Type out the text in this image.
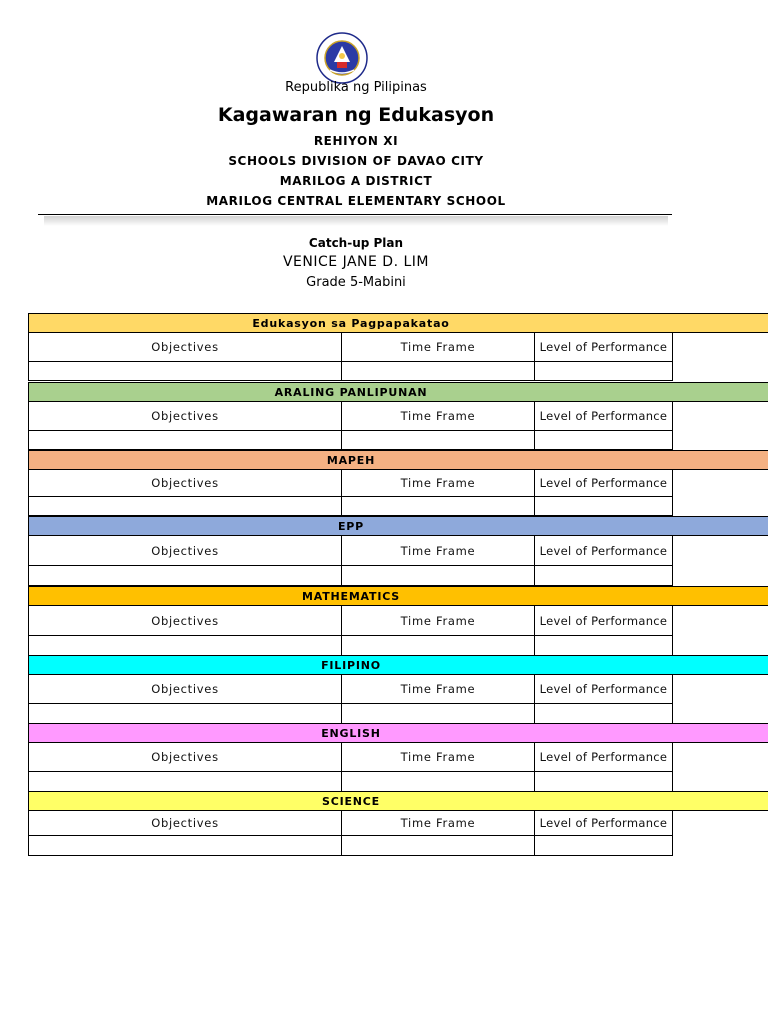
Republika ng Pilipinas
Kagawaran ng Edukasyon
REHIYON XI
SCHOOLS DIVISION OF DAVAO CITY
MARILOG A DISTRICT
MARILOG CENTRAL ELEMENTARY SCHOOL
Catch-up Plan
VENICE JANE D. LIM
Grade 5-Mabini
Edukasyon sa Pagpapakatao
Objectives	Time Frame	Level of Performance

ARALING PANLIPUNAN
Objectives	Time Frame	Level of Performance

MAPEH
Objectives	Time Frame	Level of Performance

EPP
Objectives	Time Frame	Level of Performance

MATHEMATICS
Objectives	Time Frame	Level of Performance

FILIPINO
Objectives	Time Frame	Level of Performance

ENGLISH
Objectives	Time Frame	Level of Performance

SCIENCE
Objectives	Time Frame	Level of Performance
